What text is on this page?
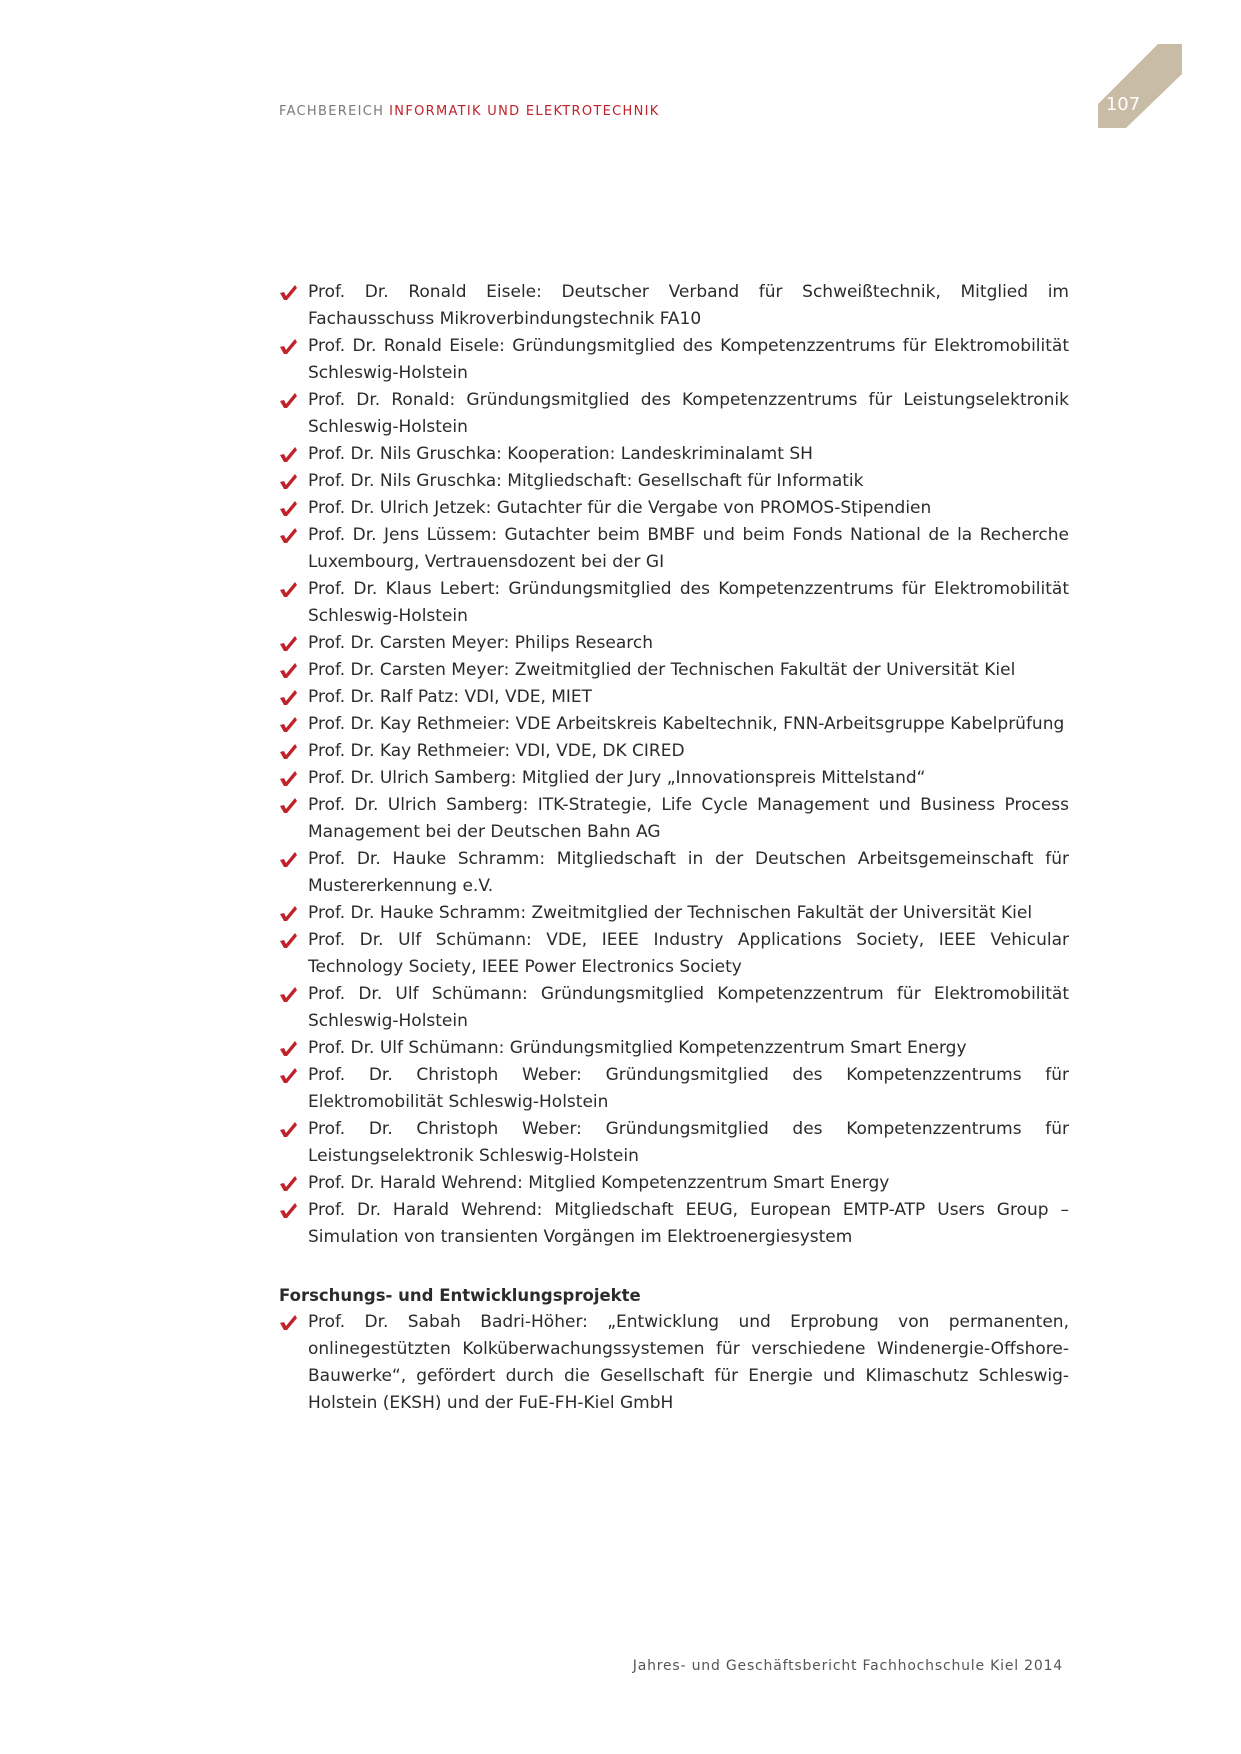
FACHBEREICH INFORMATIK UND ELEKTROTECHNIK	107
Prof. Dr. Ronald Eisele: Deutscher Verband für Schweißtechnik, Mitglied im Fachausschuss Mikroverbindungstechnik FA10
Prof. Dr. Ronald Eisele: Gründungsmitglied des Kompetenzzentrums für Elektromobilität Schleswig-Holstein
Prof. Dr. Ronald: Gründungsmitglied des Kompetenzzentrums für Leistungselektronik Schleswig-Holstein
Prof. Dr. Nils Gruschka: Kooperation: Landeskriminalamt SH
Prof. Dr. Nils Gruschka: Mitgliedschaft: Gesellschaft für Informatik
Prof. Dr. Ulrich Jetzek: Gutachter für die Vergabe von PROMOS-Stipendien
Prof. Dr. Jens Lüssem: Gutachter beim BMBF und beim Fonds National de la Recherche Luxembourg, Vertrauensdozent bei der GI
Prof. Dr. Klaus Lebert: Gründungsmitglied des Kompetenzzentrums für Elektromobilität Schleswig-Holstein
Prof. Dr. Carsten Meyer: Philips Research
Prof. Dr. Carsten Meyer: Zweitmitglied der Technischen Fakultät der Universität Kiel
Prof. Dr. Ralf Patz: VDI, VDE, MIET
Prof. Dr. Kay Rethmeier: VDE Arbeitskreis Kabeltechnik, FNN-Arbeitsgruppe Kabelprüfung
Prof. Dr. Kay Rethmeier: VDI, VDE, DK CIRED
Prof. Dr. Ulrich Samberg: Mitglied der Jury „Innovationspreis Mittelstand“
Prof. Dr. Ulrich Samberg: ITK-Strategie, Life Cycle Management und Business Process Management bei der Deutschen Bahn AG
Prof. Dr. Hauke Schramm: Mitgliedschaft in der Deutschen Arbeitsgemeinschaft für Mustererkennung e.V.
Prof. Dr. Hauke Schramm: Zweitmitglied der Technischen Fakultät der Universität Kiel
Prof. Dr. Ulf Schümann: VDE, IEEE Industry Applications Society, IEEE Vehicular Technology Society, IEEE Power Electronics Society
Prof. Dr. Ulf Schümann: Gründungsmitglied Kompetenzzentrum für Elektromobilität Schleswig-Holstein
Prof. Dr. Ulf Schümann: Gründungsmitglied Kompetenzzentrum Smart Energy
Prof. Dr. Christoph Weber: Gründungsmitglied des Kompetenzzentrums für Elektromobilität Schleswig-Holstein
Prof. Dr. Christoph Weber: Gründungsmitglied des Kompetenzzentrums für Leistungselektronik Schleswig-Holstein
Prof. Dr. Harald Wehrend: Mitglied Kompetenzzentrum Smart Energy
Prof. Dr. Harald Wehrend: Mitgliedschaft EEUG, European EMTP-ATP Users Group – Simulation von transienten Vorgängen im Elektroenergiesystem
Forschungs- und Entwicklungsprojekte
Prof. Dr. Sabah Badri-Höher: „Entwicklung und Erprobung von permanenten, onlinegestützten Kolküberwachungssystemen für verschiedene Windenergie-Offshore-Bauwerke“, gefördert durch die Gesellschaft für Energie und Klimaschutz Schleswig-Holstein (EKSH) und der FuE-FH-Kiel GmbH
Jahres- und Geschäftsbericht Fachhochschule Kiel 2014
